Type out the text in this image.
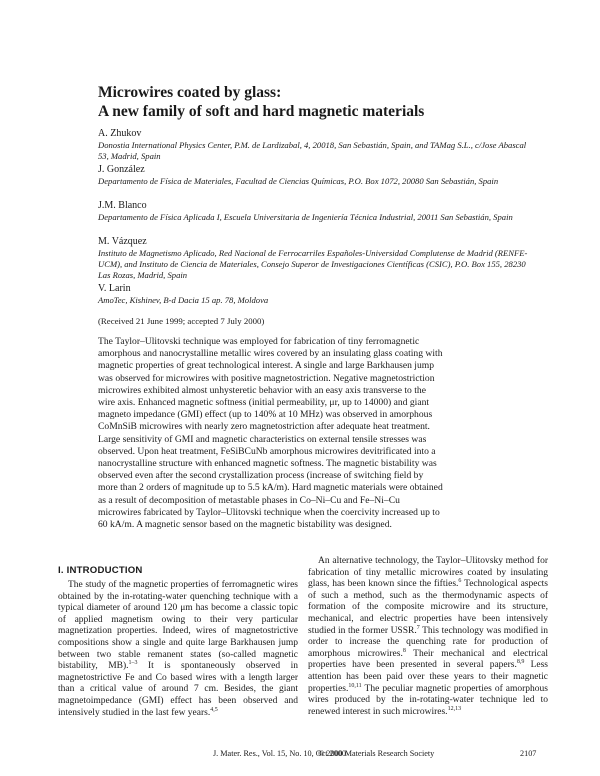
Microwires coated by glass:
A new family of soft and hard magnetic materials
A. Zhukov
Donostia International Physics Center, P.M. de Lardizabal, 4, 20018, San Sebastián, Spain, and TAMag S.L., c/Jose Abascal 53, Madrid, Spain
J. González
Departamento de Física de Materiales, Facultad de Ciencias Químicas, P.O. Box 1072, 20080 San Sebastián, Spain
J.M. Blanco
Departamento de Física Aplicada I, Escuela Universitaria de Ingeniería Técnica Industrial, 20011 San Sebastián, Spain
M. Vázquez
Instituto de Magnetismo Aplicado, Red Nacional de Ferrocarriles Españoles-Universidad Complutense de Madrid (RENFE-UCM), and Instituto de Ciencia de Materiales, Consejo Superor de Investigaciones Científicas (CSIC), P.O. Box 155, 28230 Las Rozas, Madrid, Spain
V. Larin
AmoTec, Kishinev, B-d Dacia 15 ap. 78, Moldova
(Received 21 June 1999; accepted 7 July 2000)
The Taylor–Ulitovski technique was employed for fabrication of tiny ferromagnetic amorphous and nanocrystalline metallic wires covered by an insulating glass coating with magnetic properties of great technological interest. A single and large Barkhausen jump was observed for microwires with positive magnetostriction. Negative magnetostriction microwires exhibited almost unhysteretic behavior with an easy axis transverse to the wire axis. Enhanced magnetic softness (initial permeability, μr, up to 14000) and giant magneto impedance (GMI) effect (up to 140% at 10 MHz) was observed in amorphous CoMnSiB microwires with nearly zero magnetostriction after adequate heat treatment. Large sensitivity of GMI and magnetic characteristics on external tensile stresses was observed. Upon heat treatment, FeSiBCuNb amorphous microwires devitrificated into a nanocrystalline structure with enhanced magnetic softness. The magnetic bistability was observed even after the second crystallization process (increase of switching field by more than 2 orders of magnitude up to 5.5 kA/m). Hard magnetic materials were obtained as a result of decomposition of metastable phases in Co–Ni–Cu and Fe–Ni–Cu microwires fabricated by Taylor–Ulitovski technique when the coercivity increased up to 60 kA/m. A magnetic sensor based on the magnetic bistability was designed.
I. INTRODUCTION

The study of the magnetic properties of ferromagnetic wires obtained by the in-rotating-water quenching technique with a typical diameter of around 120 μm has become a classic topic of applied magnetism owing to their very particular magnetization properties. Indeed, wires of magnetostrictive compositions show a single and quite large Barkhausen jump between two stable remanent states (so-called magnetic bistability, MB).$^{1-3}$ It is spontaneously observed in magnetostrictive Fe and Co based wires with a length larger than a critical value of around 7 cm. Besides, the giant magnetoimpedance (GMI) effect has been observed and intensively studied in the last few years.$^{4,5}$

An alternative technology, the Taylor–Ulitovsky method for fabrication of tiny metallic microwires coated by insulating glass, has been known since the fifties.$^6$ Technological aspects of such a method, such as the thermodynamic aspects of formation of the composite microwire and its structure, mechanical, and electric properties have been intensively studied in the former USSR.$^7$ This technology was modified in order to increase the quenching rate for production of amorphous microwires.$^8$ Their mechanical and electrical properties have been presented in several papers.$^{8,9}$ Less attention has been paid over these years to their magnetic properties.$^{10,11}$ The peculiar magnetic properties of amorphous wires produced by the in-rotating-water technique led to renewed interest in such microwires.$^{12,13}$

J. Mater. Res., Vol. 15, No. 10, Oct 2000
© 2000 Materials Research Society	2107
